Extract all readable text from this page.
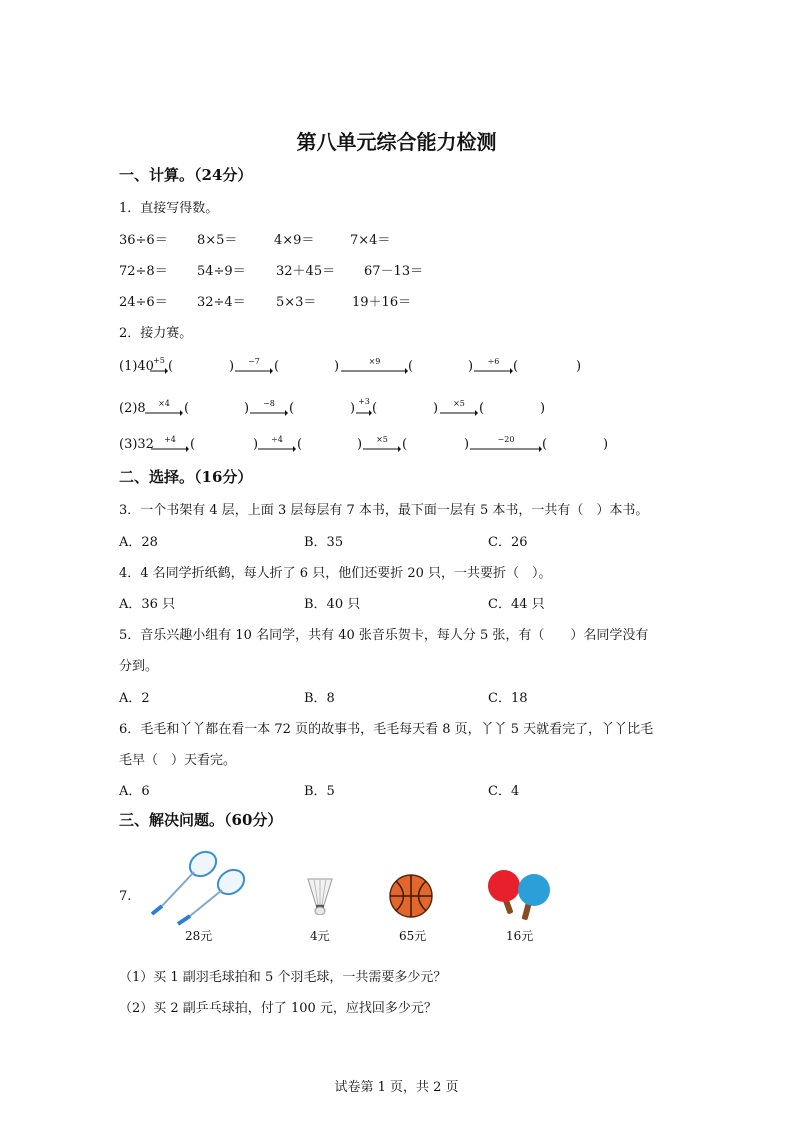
第八单元综合能力检测
一、计算。（24分）
1．直接写得数。
36÷6＝ 8×5＝	4×9＝	7×4＝
72÷8＝ 54÷9＝ 32＋45＝ 67－13＝
24÷6＝ 32÷4＝ 5×3＝	19＋16＝
2．接力赛。
(1)40 +5 (	)	−7	(	)	×9	(	)	÷6	(	)
(2)8	×4	(	)	−8	(	) +3 (	)	×5	(	)
(3)32	+4	(	)	÷4	(	)	×5	(	)	−20	(	)
二、选择。（16分）
3．一个书架有 4 层，上面 3 层每层有 7 本书，最下面一层有 5 本书，一共有（　）本书。
A．28	B．35	C．26
4．4 名同学折纸鹤，每人折了 6 只，他们还要折 20 只，一共要折（　）。
A．36 只	B．40 只	C．44 只
5．音乐兴趣小组有 10 名同学，共有 40 张音乐贺卡，每人分 5 张，有（　　）名同学没有
分到。
A．2	B．8	C．18
6．毛毛和丫丫都在看一本 72 页的故事书，毛毛每天看 8 页，丫丫 5 天就看完了，丫丫比毛
毛早（　）天看完。
A．6	B．5	C．4
三、解决问题。（60分）
7.
28元	4元	65元	16元
（1）买 1 副羽毛球拍和 5 个羽毛球，一共需要多少元？
（2）买 2 副乒乓球拍，付了 100 元，应找回多少元？
试卷第 1 页，共 2 页
